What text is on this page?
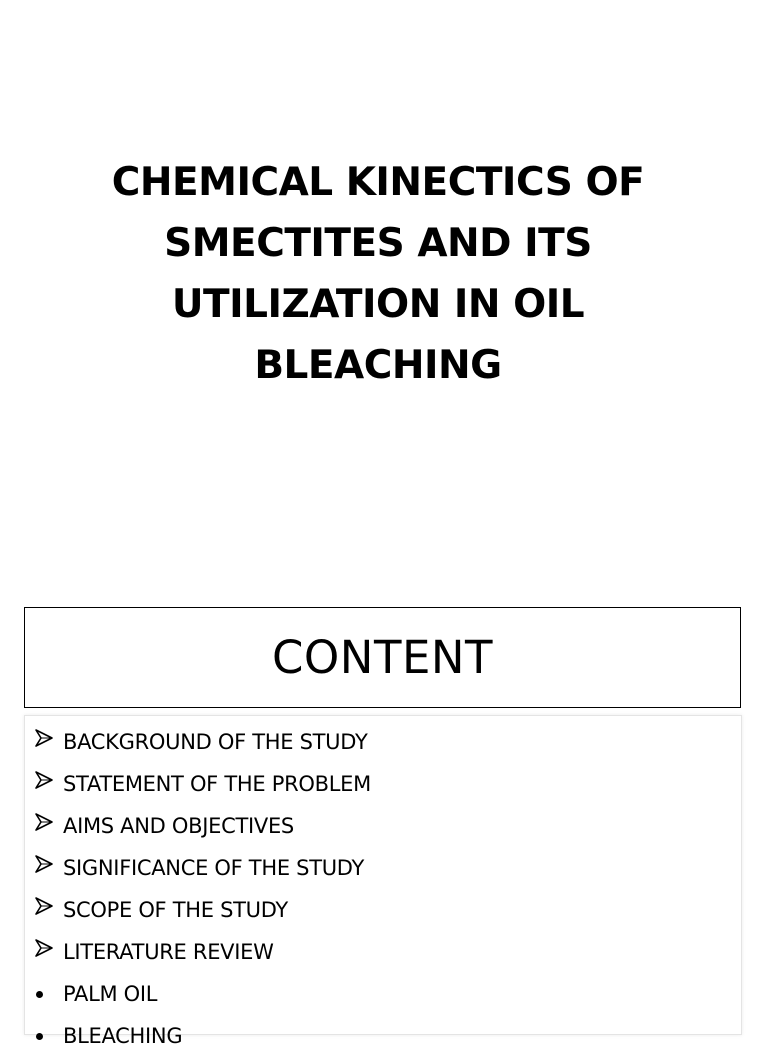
CHEMICAL KINECTICS OF
SMECTITES AND ITS
UTILIZATION IN OIL
BLEACHING
CONTENT
BACKGROUND OF THE STUDY
STATEMENT OF THE PROBLEM
AIMS AND OBJECTIVES
SIGNIFICANCE OF THE STUDY
SCOPE OF THE STUDY
LITERATURE REVIEW
PALM OIL
BLEACHING
